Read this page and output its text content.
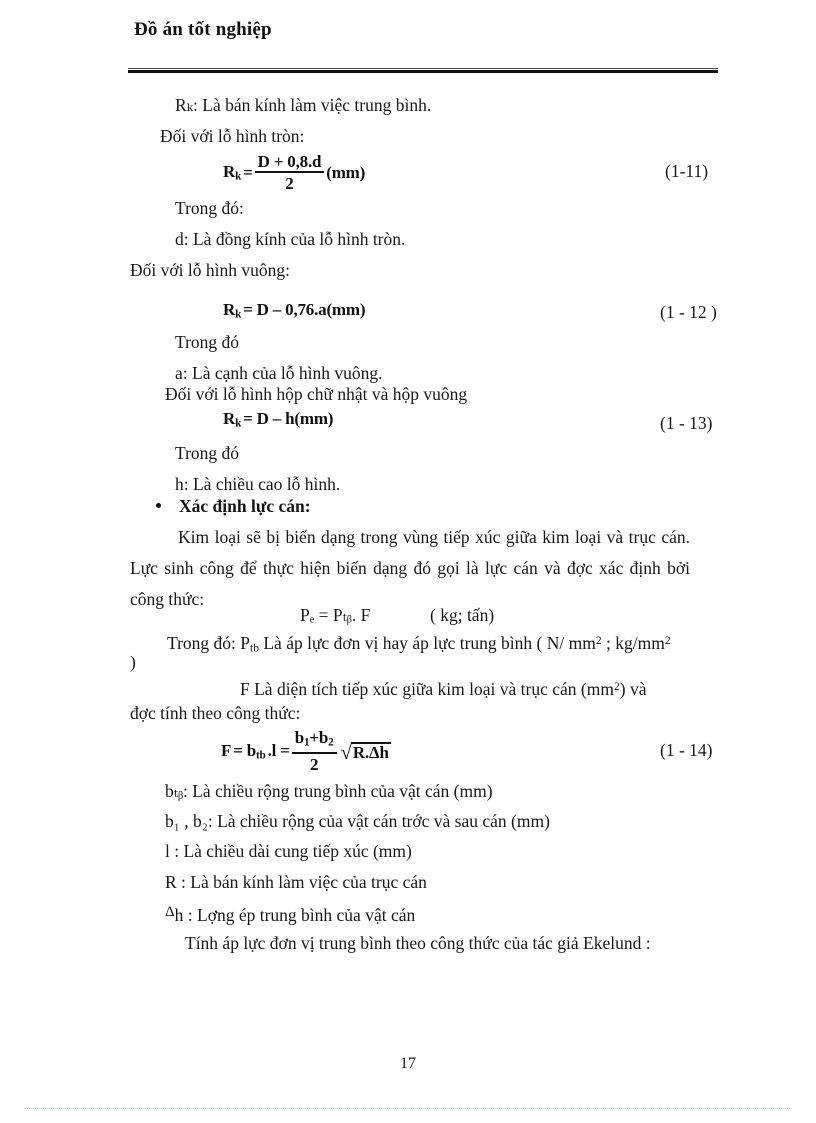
Đồ án tốt nghiệp
Rₖ: Là bán kính làm việc trung bình.
Đối với lỗ hình tròn:
$R_k = \frac{D + 0,8.d}{2} (mm)$	(1-11)
Trong đó:
d: Là đồng kính của lỗ hình tròn.
Đối với lỗ hình vuông:
$R_k = D - 0,76.a(mm)$	(1 - 12 )
Trong đó
a: Là cạnh của lỗ hình vuông.
Đối với lỗ hình hộp chữ nhật và hộp vuông
$R_k = D - h(mm)$	(1 - 13)
Trong đó
h: Là chiều cao lỗ hình.
Xác định lực cán:
Kim loại sẽ bị biến dạng trong vùng tiếp xúc giữa kim loại và trục cán. Lực sinh công để thực hiện biến dạng đó gọi là lực cán và đợc xác định bởi công thức:
Pₑ = Pₜᵦ. F	( kg; tấn)
Trong đó: $P_{tb}$ Là áp lực đơn vị hay áp lực trung bình ( N/ $mm^2$ ; $kg/mm^2$
)
F Là diện tích tiếp xúc giữa kim loại và trục cán $(mm^2)$ và
đợc tính theo công thức:
$F = b_{tb}$ $.l = \frac{b_1+b_2}{2}$ √ R.Δh	(1 - 14)
bₜᵦ: Là chiều rộng trung bình của vật cán (mm)
b₁ , b₂: Là chiều rộng của vật cán trớc và sau cán (mm)
l : Là chiều dài cung tiếp xúc (mm)
R : Là bán kính làm việc của trục cán
Δh : Lợng ép trung bình của vật cán
Tính áp lực đơn vị trung bình theo công thức của tác giả Ekelund :
17
